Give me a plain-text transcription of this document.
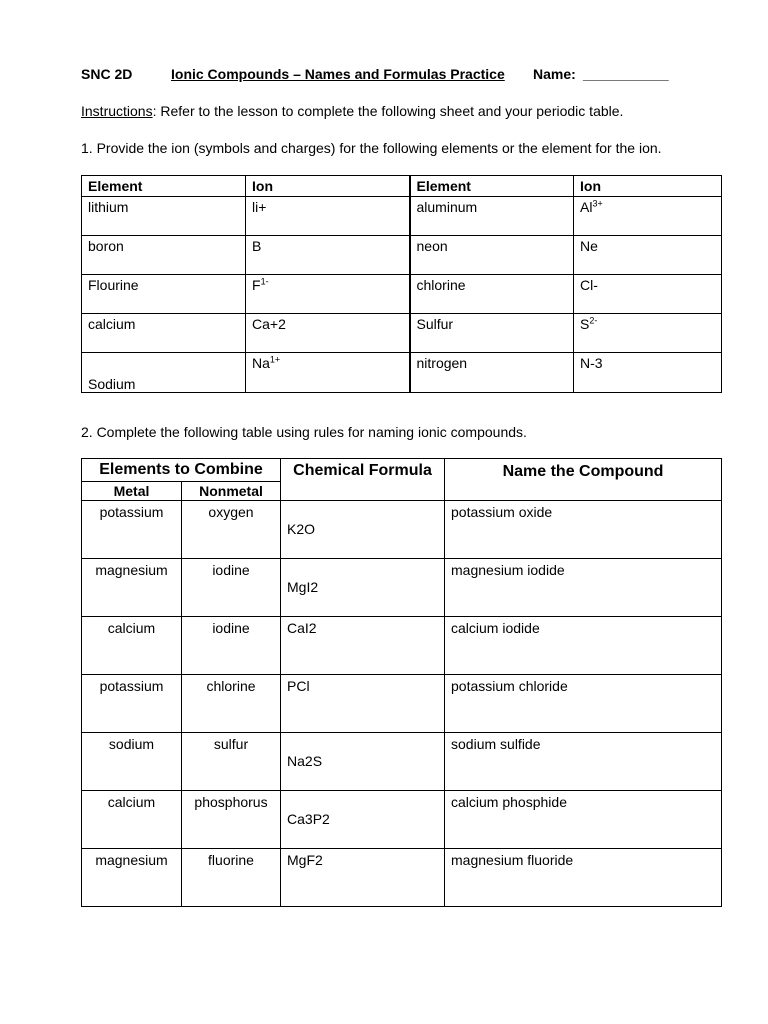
SNC 2D	Ionic Compounds – Names and Formulas Practice Name: ___________
Instructions: Refer to the lesson to complete the following sheet and your periodic table.
1. Provide the ion (symbols and charges) for the following elements or the element for the ion.
Element	Ion	Element	Ion
lithium	li+	aluminum	$Al^{3+}$
boron	B	neon	Ne
Flourine	$F^{1-}$	chlorine	Cl-
calcium	Ca+2	Sulfur	$S^{2-}$
Sodium	$Na^{1+}$	nitrogen	N-3
2. Complete the following table using rules for naming ionic compounds.
Elements to Combine		Chemical Formula	Name the Compound
Metal	Nonmetal		
potassium	oxygen	K2O	potassium oxide
magnesium	iodine	MgI2	magnesium iodide
calcium	iodine	CaI2	calcium iodide
potassium	chlorine	PCl	potassium chloride
sodium	sulfur	Na2S	sodium sulfide
calcium	phosphorus	Ca3P2	calcium phosphide
magnesium	fluorine	MgF2	magnesium fluoride
